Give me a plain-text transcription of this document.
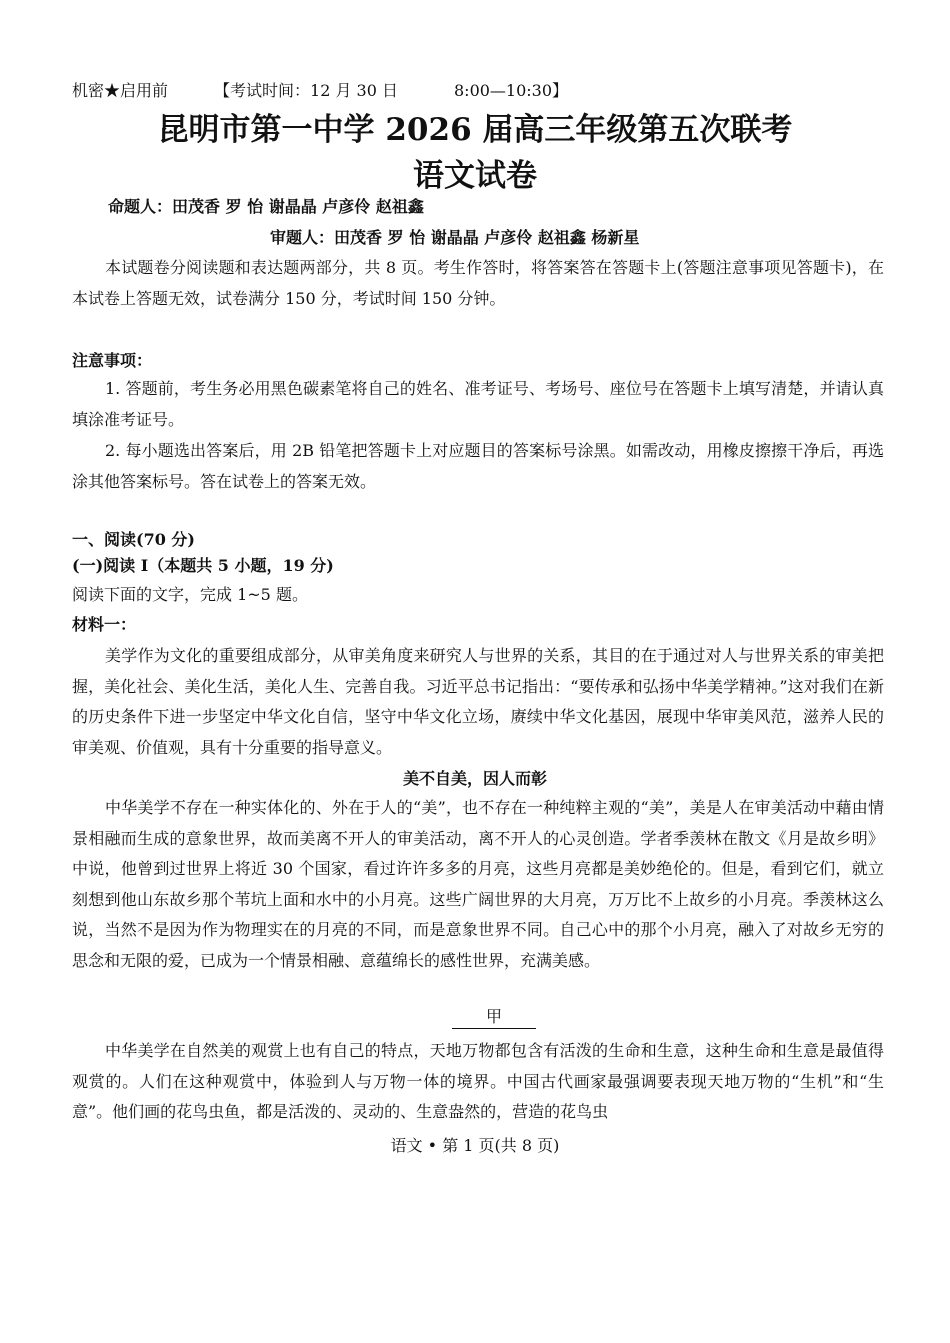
机密★启用前	【考试时间：12 月 30 日	8:00—10:30】
昆明市第一中学 2026 届高三年级第五次联考
语文试卷
命题人：田茂香 罗 怡 谢晶晶 卢彦伶 赵祖鑫
审题人：田茂香 罗 怡 谢晶晶 卢彦伶 赵祖鑫 杨新星
本试题卷分阅读题和表达题两部分，共 8 页。考生作答时，将答案答在答题卡上(答题注意事项见答题卡)，在本试卷上答题无效，试卷满分 150 分，考试时间 150 分钟。
注意事项：
1. 答题前，考生务必用黑色碳素笔将自己的姓名、准考证号、考场号、座位号在答题卡上填写清楚，并请认真填涂准考证号。
2. 每小题选出答案后，用 2B 铅笔把答题卡上对应题目的答案标号涂黑。如需改动，用橡皮擦擦干净后，再选涂其他答案标号。答在试卷上的答案无效。
一、阅读(70 分)
(一)阅读 I（本题共 5 小题，19 分)
阅读下面的文字，完成 1~5 题。
材料一：
美学作为文化的重要组成部分，从审美角度来研究人与世界的关系，其目的在于通过对人与世界关系的审美把握，美化社会、美化生活，美化人生、完善自我。习近平总书记指出：“要传承和弘扬中华美学精神。”这对我们在新的历史条件下进一步坚定中华文化自信，坚守中华文化立场，赓续中华文化基因，展现中华审美风范，滋养人民的审美观、价值观，具有十分重要的指导意义。
美不自美，因人而彰
中华美学不存在一种实体化的、外在于人的“美”，也不存在一种纯粹主观的“美”，美是人在审美活动中藉由情景相融而生成的意象世界，故而美离不开人的审美活动，离不开人的心灵创造。学者季羡林在散文《月是故乡明》中说，他曾到过世界上将近 30 个国家，看过许许多多的月亮，这些月亮都是美妙绝伦的。但是，看到它们，就立刻想到他山东故乡那个苇坑上面和水中的小月亮。这些广阔世界的大月亮，万万比不上故乡的小月亮。季羡林这么说，当然不是因为作为物理实在的月亮的不同，而是意象世界不同。自己心中的那个小月亮，融入了对故乡无穷的思念和无限的爱，已成为一个情景相融、意蕴绵长的感性世界，充满美感。
甲
中华美学在自然美的观赏上也有自己的特点，天地万物都包含有活泼的生命和生意，这种生命和生意是最值得观赏的。人们在这种观赏中，体验到人与万物一体的境界。中国古代画家最强调要表现天地万物的“生机”和“生意”。他们画的花鸟虫鱼，都是活泼的、灵动的、生意盎然的，营造的花鸟虫
语文 • 第 1 页(共 8 页)
